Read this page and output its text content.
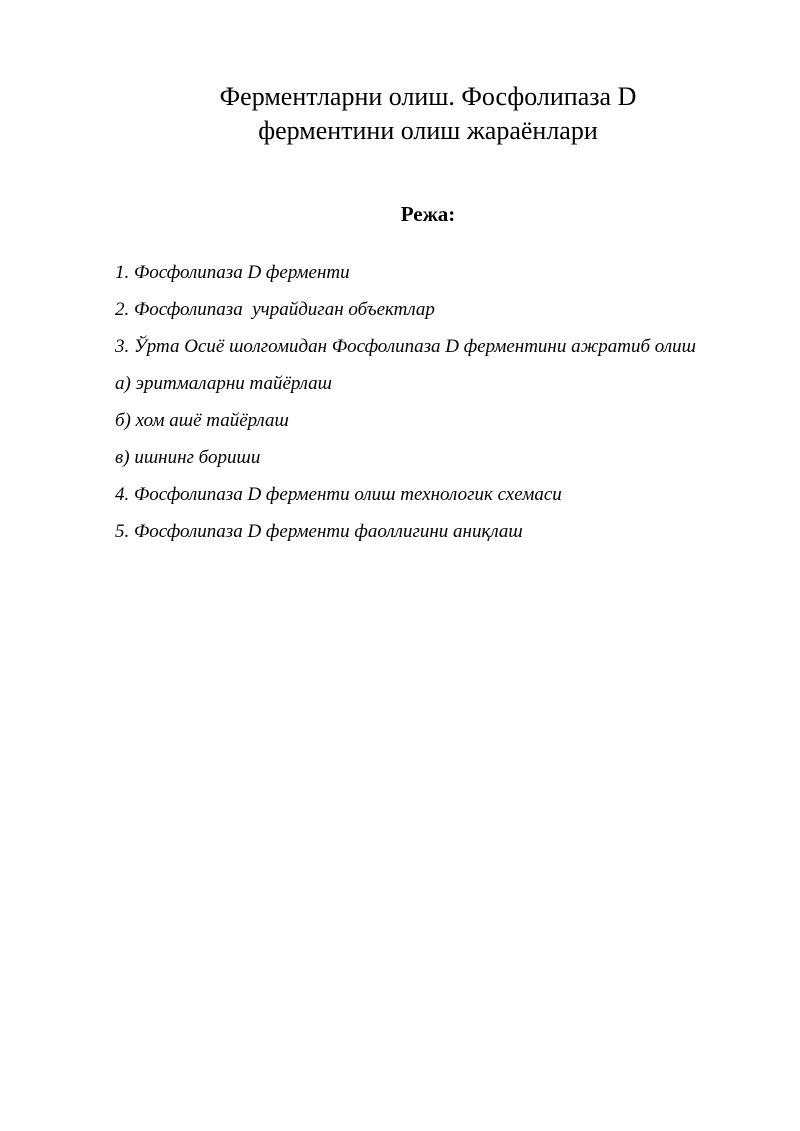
Ферментларни олиш. Фосфолипаза D
ферментини олиш жараёнлари
Режа:
1. Фосфолипаза D ферменти
2. Фосфолипаза  учрайдиган объектлар
3. Ўрта Осиё шолгомидан Фосфолипаза D ферментини ажратиб олиш
а) эритмаларни тайёрлаш
б) хом ашё тайёрлаш
в) ишнинг бориши
4. Фосфолипаза D ферменти олиш технологик схемаси
5. Фосфолипаза D ферменти фаоллигини аниқлаш
